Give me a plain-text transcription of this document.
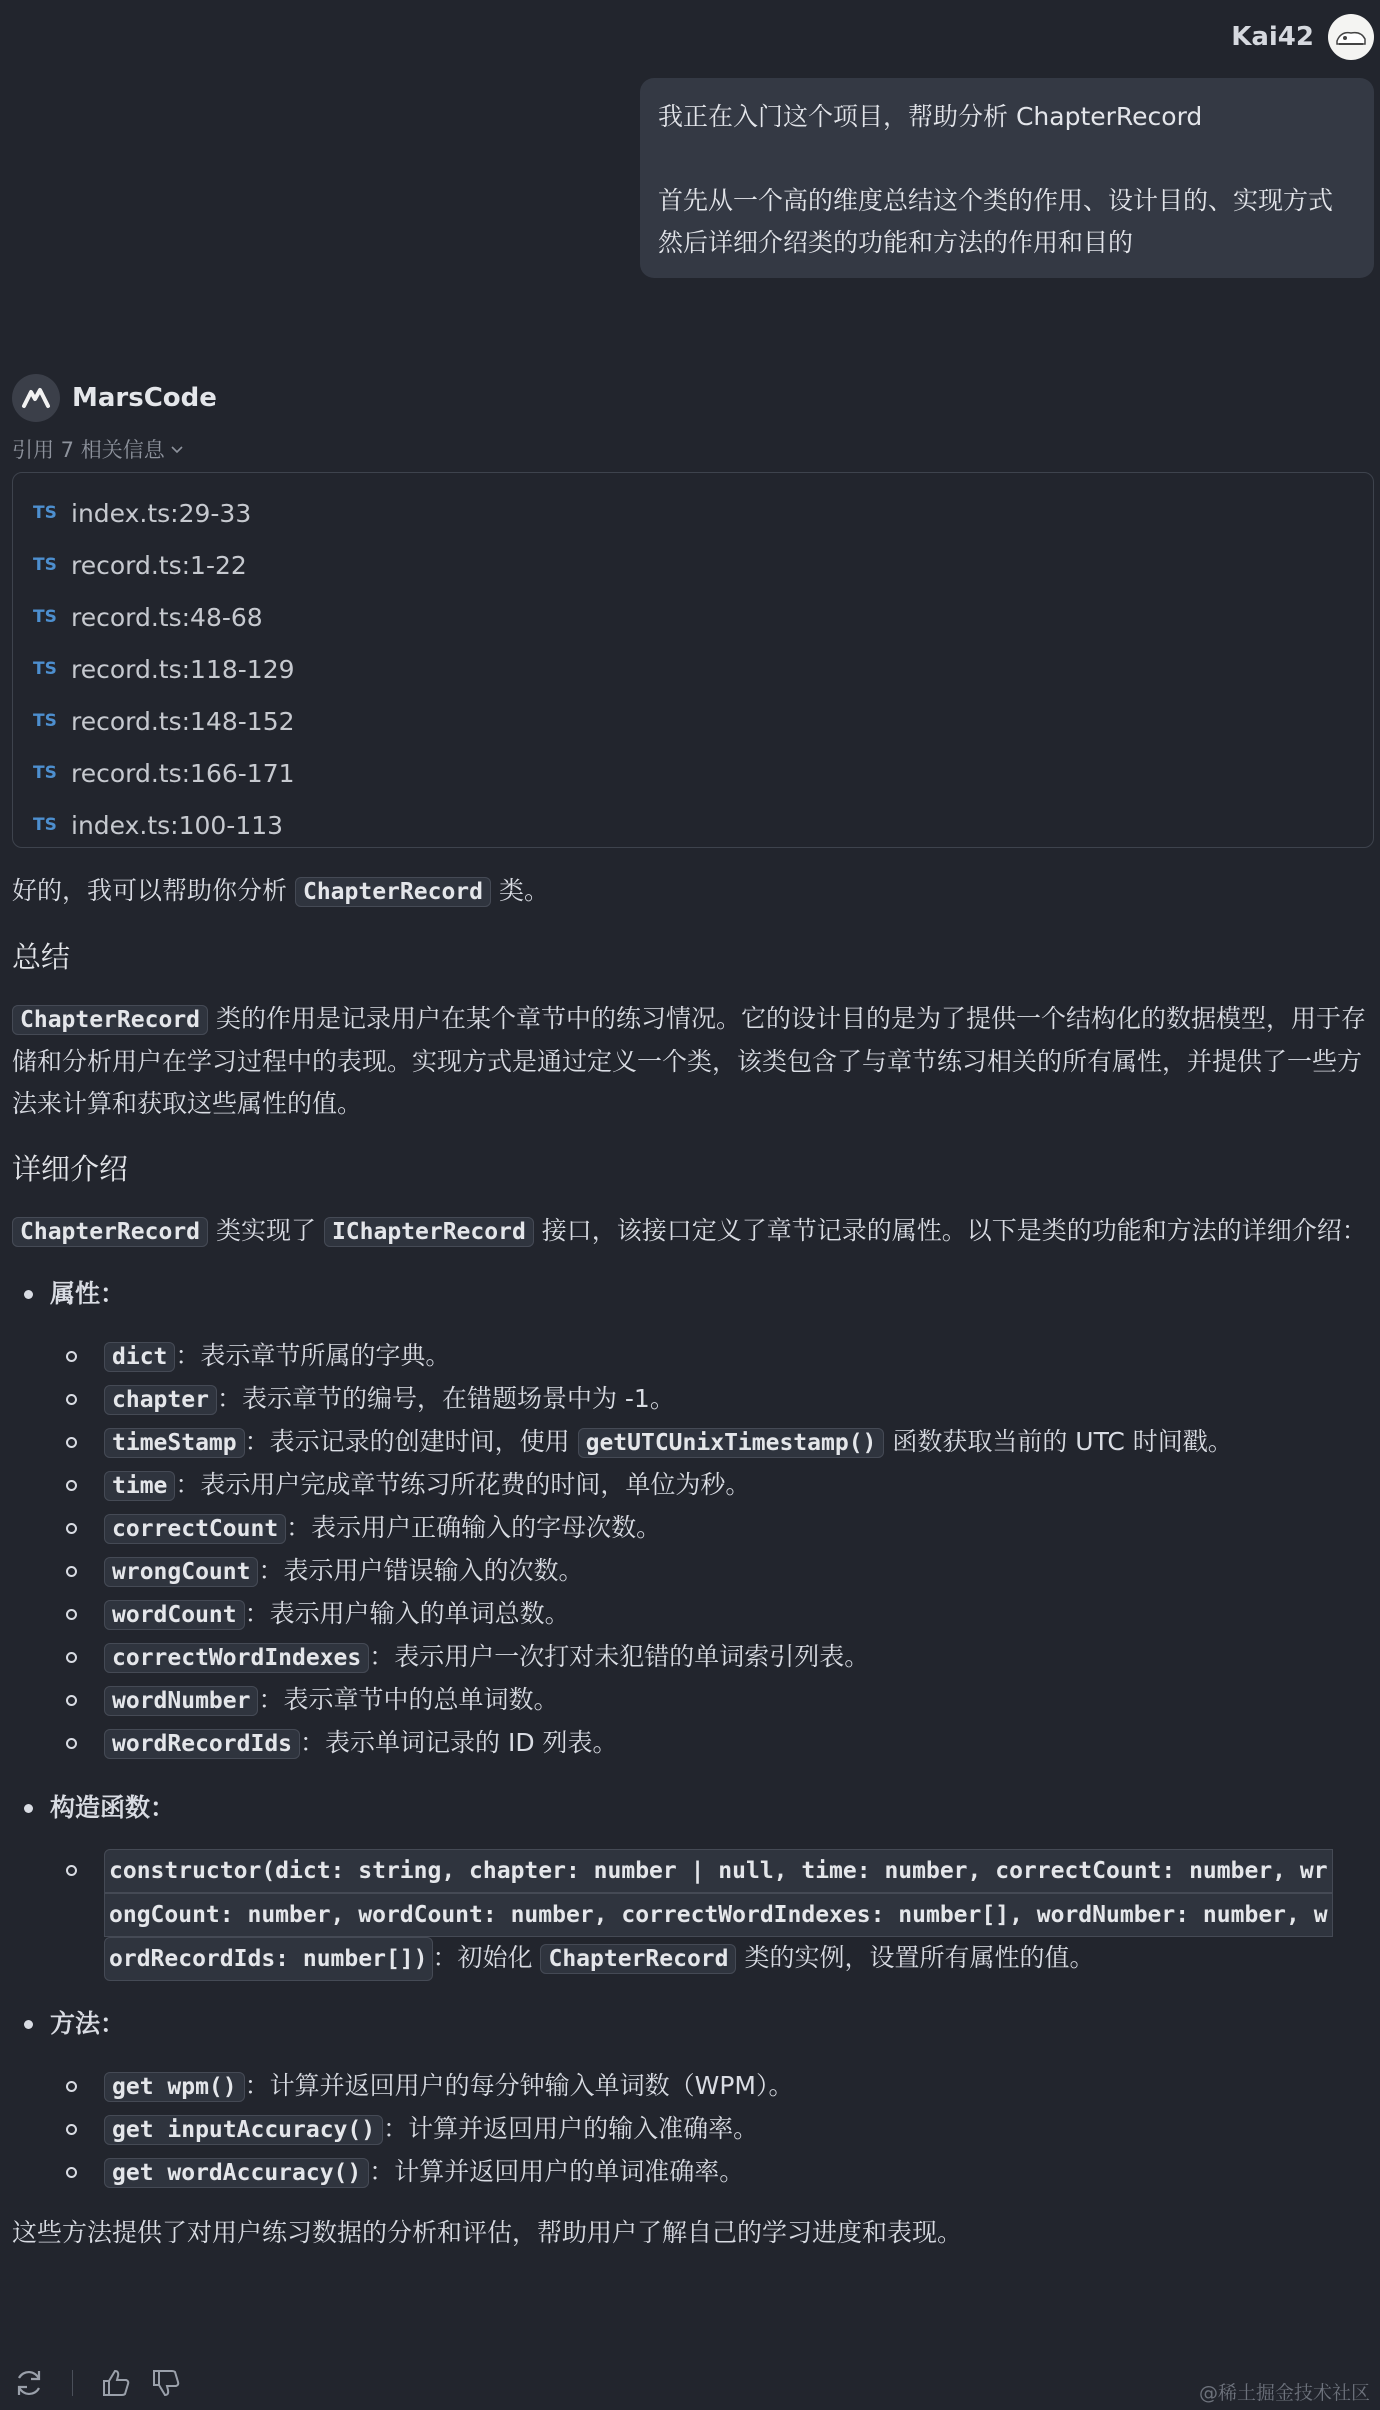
Kai42

我正在入门这个项目，帮助分析 ChapterRecord

首先从一个高的维度总结这个类的作用、设计目的、实现方式

然后详细介绍类的功能和方法的作用和目的

MarsCode
引用 7 相关信息
TS index.ts:29-33
TS record.ts:1-22
TS record.ts:48-68
TS record.ts:118-129
TS record.ts:148-152
TS record.ts:166-171
TS index.ts:100-113

好的，我可以帮助你分析 ChapterRecord 类。

总结

ChapterRecord 类的作用是记录用户在某个章节中的练习情况。它的设计目的是为了提供一个结构化的数据模型，用于存储和分析用户在学习过程中的表现。实现方式是通过定义一个类，该类包含了与章节练习相关的所有属性，并提供了一些方法来计算和获取这些属性的值。

详细介绍

ChapterRecord 类实现了 IChapterRecord 接口，该接口定义了章节记录的属性。以下是类的功能和方法的详细介绍：

属性：
dict ：表示章节所属的字典。
chapter ：表示章节的编号，在错题场景中为 -1。
timeStamp ：表示记录的创建时间，使用 getUTCUnixTimestamp() 函数获取当前的 UTC 时间戳。
time ：表示用户完成章节练习所花费的时间，单位为秒。
correctCount ：表示用户正确输入的字母次数。
wrongCount ：表示用户错误输入的次数。
wordCount ：表示用户输入的单词总数。
correctWordIndexes ：表示用户一次打对未犯错的单词索引列表。
wordNumber ：表示章节中的总单词数。
wordRecordIds ：表示单词记录的 ID 列表。
构造函数：
constructor(dict: string, chapter: number | null, time: number, correctCount: number, wr
ongCount: number, wordCount: number, correctWordIndexes: number[], wordNumber: number, w
ordRecordIds: number[]) ：初始化 ChapterRecord 类的实例，设置所有属性的值。
方法：
get wpm() ：计算并返回用户的每分钟输入单词数（WPM）。
get inputAccuracy() ：计算并返回用户的输入准确率。
get wordAccuracy() ：计算并返回用户的单词准确率。

这些方法提供了对用户练习数据的分析和评估，帮助用户了解自己的学习进度和表现。

@稀土掘金技术社区
